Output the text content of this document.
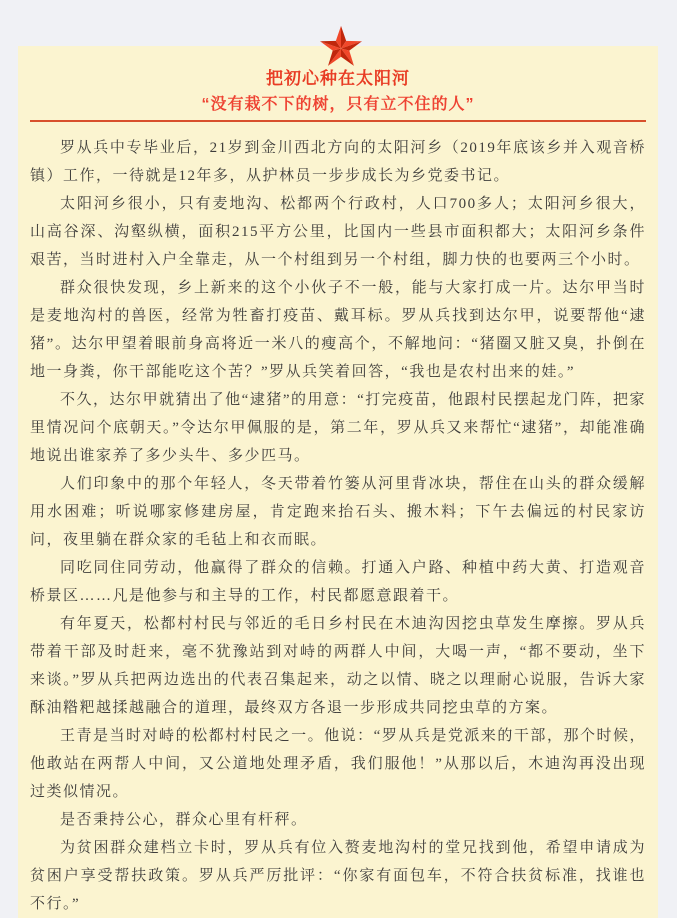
把初心种在太阳河
“没有栽不下的树，只有立不住的人”

罗从兵中专毕业后，21岁到金川西北方向的太阳河乡（2019年底该乡并入观音桥镇）工作，一待就是12年多，从护林员一步步成长为乡党委书记。

太阳河乡很小，只有麦地沟、松都两个行政村，人口700多人；太阳河乡很大，山高谷深、沟壑纵横，面积215平方公里，比国内一些县市面积都大；太阳河乡条件艰苦，当时进村入户全靠走，从一个村组到另一个村组，脚力快的也要两三个小时。

群众很快发现，乡上新来的这个小伙子不一般，能与大家打成一片。达尔甲当时是麦地沟村的兽医，经常为牲畜打疫苗、戴耳标。罗从兵找到达尔甲，说要帮他“逮猪”。达尔甲望着眼前身高将近一米八的瘦高个，不解地问：“猪圈又脏又臭，扑倒在地一身粪，你干部能吃这个苦？”罗从兵笑着回答，“我也是农村出来的娃。”

不久，达尔甲就猜出了他“逮猪”的用意：“打完疫苗，他跟村民摆起龙门阵，把家里情况问个底朝天。”令达尔甲佩服的是，第二年，罗从兵又来帮忙“逮猪”，却能准确地说出谁家养了多少头牛、多少匹马。

人们印象中的那个年轻人，冬天带着竹篓从河里背冰块，帮住在山头的群众缓解用水困难；听说哪家修建房屋，肯定跑来抬石头、搬木料；下午去偏远的村民家访问，夜里躺在群众家的毛毡上和衣而眠。

同吃同住同劳动，他赢得了群众的信赖。打通入户路、种植中药大黄、打造观音桥景区……凡是他参与和主导的工作，村民都愿意跟着干。

有年夏天，松都村村民与邻近的毛日乡村民在木迪沟因挖虫草发生摩擦。罗从兵带着干部及时赶来，毫不犹豫站到对峙的两群人中间，大喝一声，“都不要动，坐下来谈。”罗从兵把两边选出的代表召集起来，动之以情、晓之以理耐心说服，告诉大家酥油糌粑越揉越融合的道理，最终双方各退一步形成共同挖虫草的方案。

王青是当时对峙的松都村村民之一。他说：“罗从兵是党派来的干部，那个时候，他敢站在两帮人中间，又公道地处理矛盾，我们服他！”从那以后，木迪沟再没出现过类似情况。

是否秉持公心，群众心里有杆秤。

为贫困群众建档立卡时，罗从兵有位入赘麦地沟村的堂兄找到他，希望申请成为贫困户享受帮扶政策。罗从兵严厉批评：“你家有面包车，不符合扶贫标准，找谁也不行。”
